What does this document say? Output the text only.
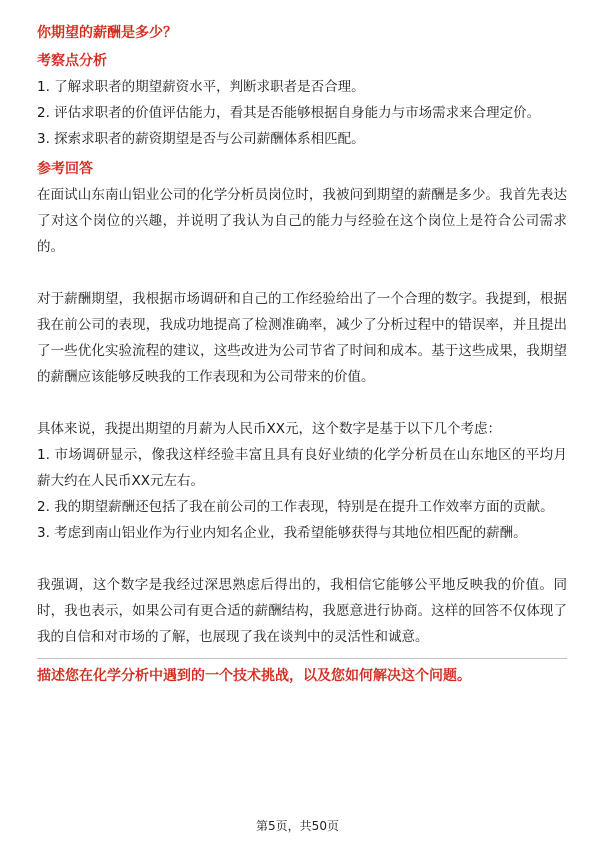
你期望的薪酬是多少？
考察点分析

1. 了解求职者的期望薪资水平，判断求职者是否合理。

2. 评估求职者的价值评估能力，看其是否能够根据自身能力与市场需求来合理定价。

3. 探索求职者的薪资期望是否与公司薪酬体系相匹配。

参考回答

在面试山东南山铝业公司的化学分析员岗位时，我被问到期望的薪酬是多少。我首先表达了对这个岗位的兴趣，并说明了我认为自己的能力与经验在这个岗位上是符合公司需求的。

对于薪酬期望，我根据市场调研和自己的工作经验给出了一个合理的数字。我提到，根据我在前公司的表现，我成功地提高了检测准确率，减少了分析过程中的错误率，并且提出了一些优化实验流程的建议，这些改进为公司节省了时间和成本。基于这些成果，我期望的薪酬应该能够反映我的工作表现和为公司带来的价值。

具体来说，我提出期望的月薪为人民币XX元，这个数字是基于以下几个考虑：

1. 市场调研显示，像我这样经验丰富且具有良好业绩的化学分析员在山东地区的平均月薪大约在人民币XX元左右。

2. 我的期望薪酬还包括了我在前公司的工作表现，特别是在提升工作效率方面的贡献。

3. 考虑到南山铝业作为行业内知名企业，我希望能够获得与其地位相匹配的薪酬。

我强调，这个数字是我经过深思熟虑后得出的，我相信它能够公平地反映我的价值。同时，我也表示，如果公司有更合适的薪酬结构，我愿意进行协商。这样的回答不仅体现了我的自信和对市场的了解，也展现了我在谈判中的灵活性和诚意。

描述您在化学分析中遇到的一个技术挑战，以及您如何解决这个问题。
第5页，共50页
